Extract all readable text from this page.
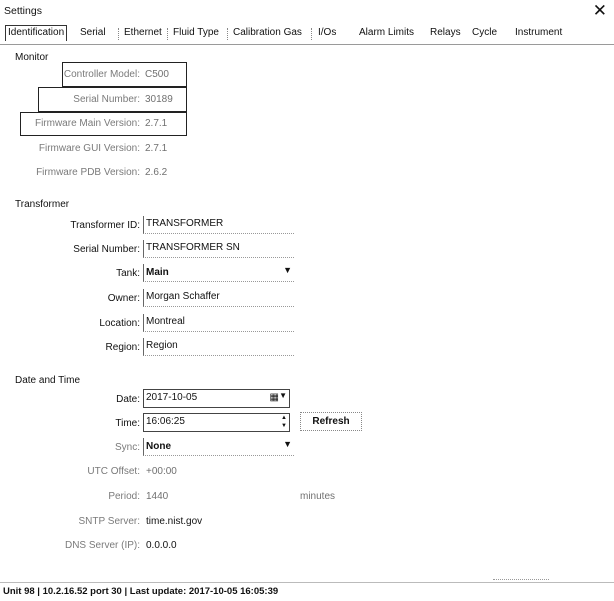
Settings	✕
Identification	Serial Ethernet Fluid Type Calibration Gas I/Os Alarm Limits Relays Cycle Instrument
Monitor
Controller Model: C500
Serial Number: 30189
Firmware Main Version: 2.7.1
Firmware GUI Version: 2.7.1
Firmware PDB Version: 2.6.2
Transformer
Transformer ID: TRANSFORMER
Serial Number: TRANSFORMER SN
Tank: Main	▼
Owner: Morgan Schaffer
Location: Montreal
Region: Region
Date and Time
Date: 2017-10-05	▦ ▼
Time: 16:06:25	▲
▼	Refresh
Sync: None	▼
UTC Offset: +00:00
Period: 1440	minutes
SNTP Server: time.nist.gov
DNS Server (IP): 0.0.0.0
Unit 98 | 10.2.16.52 port 30 | Last update: 2017-10-05 16:05:39
